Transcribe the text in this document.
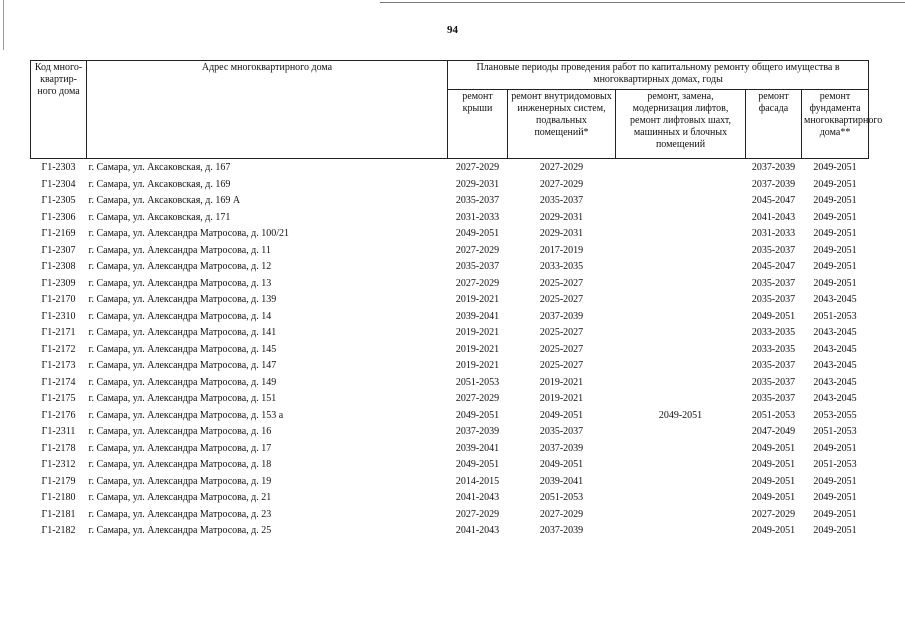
94
Код много-квартир-ного дома	Адрес многоквартирного дома	Плановые периоды проведения работ по капитальному ремонту общего имущества в многоквартирных домах, годы				
		ремонт крыши	ремонт внутридомовых инженерных систем, подвальных помещений*	ремонт, замена, модернизация лифтов, ремонт лифтовых шахт, машинных и блочных помещений	ремонт фасада	ремонт фундамента многоквартирного дома**
Г1-2303	г. Самара, ул. Аксаковская, д. 167	2027-2029	2027-2029		2037-2039	2049-2051
Г1-2304	г. Самара, ул. Аксаковская, д. 169	2029-2031	2027-2029		2037-2039	2049-2051
Г1-2305	г. Самара, ул. Аксаковская, д. 169 А	2035-2037	2035-2037		2045-2047	2049-2051
Г1-2306	г. Самара, ул. Аксаковская, д. 171	2031-2033	2029-2031		2041-2043	2049-2051
Г1-2169	г. Самара, ул. Александра Матросова, д. 100/21	2049-2051	2029-2031		2031-2033	2049-2051
Г1-2307	г. Самара, ул. Александра Матросова, д. 11	2027-2029	2017-2019		2035-2037	2049-2051
Г1-2308	г. Самара, ул. Александра Матросова, д. 12	2035-2037	2033-2035		2045-2047	2049-2051
Г1-2309	г. Самара, ул. Александра Матросова, д. 13	2027-2029	2025-2027		2035-2037	2049-2051
Г1-2170	г. Самара, ул. Александра Матросова, д. 139	2019-2021	2025-2027		2035-2037	2043-2045
Г1-2310	г. Самара, ул. Александра Матросова, д. 14	2039-2041	2037-2039		2049-2051	2051-2053
Г1-2171	г. Самара, ул. Александра Матросова, д. 141	2019-2021	2025-2027		2033-2035	2043-2045
Г1-2172	г. Самара, ул. Александра Матросова, д. 145	2019-2021	2025-2027		2033-2035	2043-2045
Г1-2173	г. Самара, ул. Александра Матросова, д. 147	2019-2021	2025-2027		2035-2037	2043-2045
Г1-2174	г. Самара, ул. Александра Матросова, д. 149	2051-2053	2019-2021		2035-2037	2043-2045
Г1-2175	г. Самара, ул. Александра Матросова, д. 151	2027-2029	2019-2021		2035-2037	2043-2045
Г1-2176	г. Самара, ул. Александра Матросова, д. 153 а	2049-2051	2049-2051	2049-2051	2051-2053	2053-2055
Г1-2311	г. Самара, ул. Александра Матросова, д. 16	2037-2039	2035-2037		2047-2049	2051-2053
Г1-2178	г. Самара, ул. Александра Матросова, д. 17	2039-2041	2037-2039		2049-2051	2049-2051
Г1-2312	г. Самара, ул. Александра Матросова, д. 18	2049-2051	2049-2051		2049-2051	2051-2053
Г1-2179	г. Самара, ул. Александра Матросова, д. 19	2014-2015	2039-2041		2049-2051	2049-2051
Г1-2180	г. Самара, ул. Александра Матросова, д. 21	2041-2043	2051-2053		2049-2051	2049-2051
Г1-2181	г. Самара, ул. Александра Матросова, д. 23	2027-2029	2027-2029		2027-2029	2049-2051
Г1-2182	г. Самара, ул. Александра Матросова, д. 25	2041-2043	2037-2039		2049-2051	2049-2051
